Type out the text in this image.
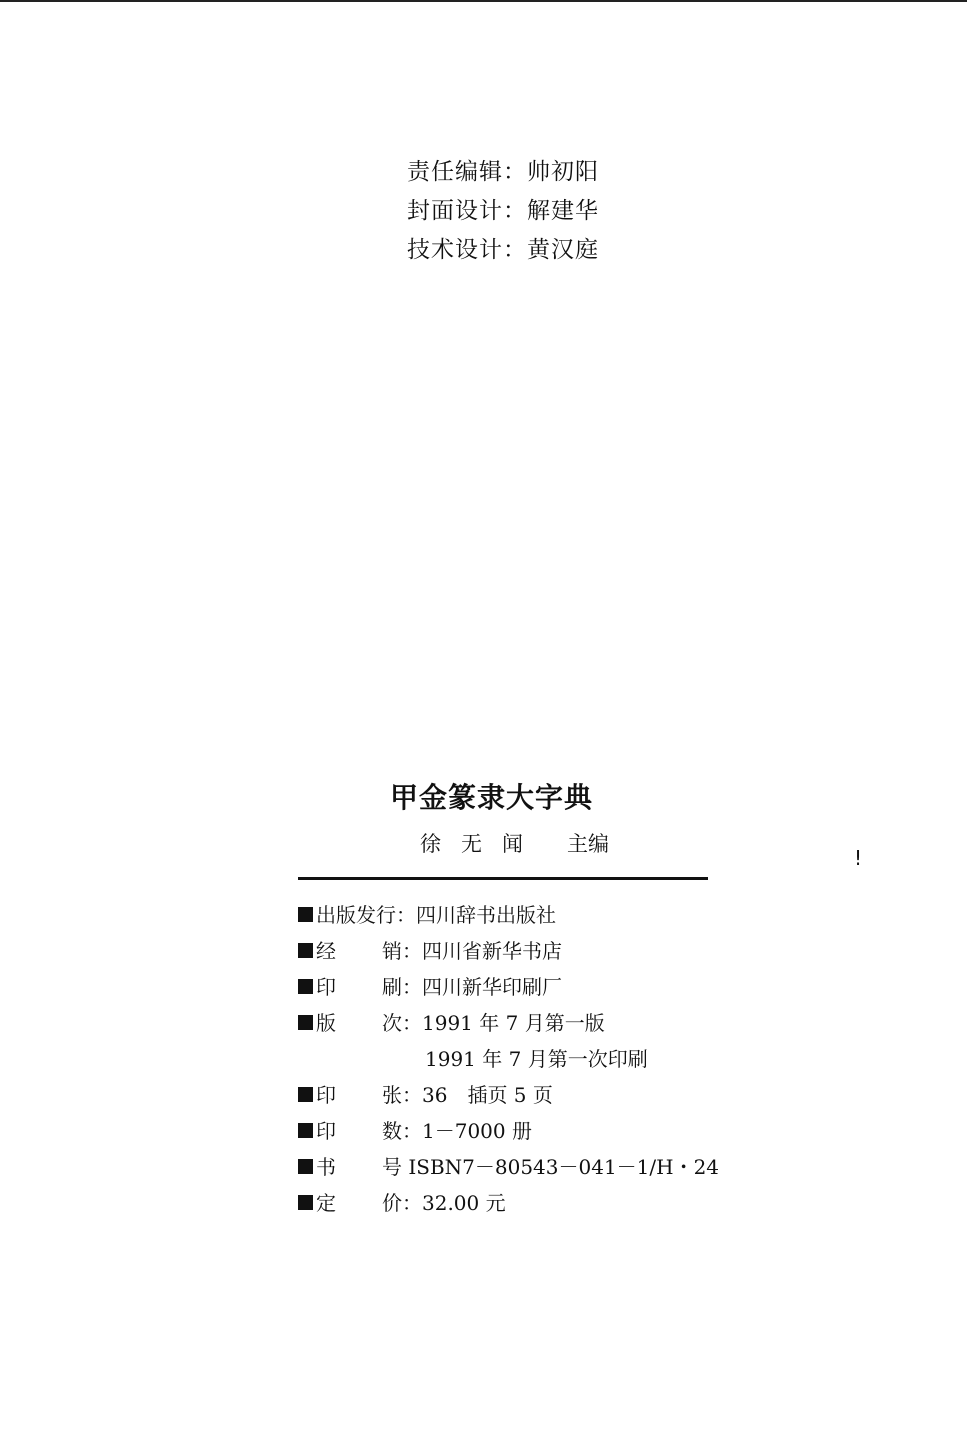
责任编辑：帅初阳
封面设计：解建华
技术设计：黄汉庭
甲金篆隶大字典
徐无闻 主编
!
出版发行：四川辞书出版社
经 销：四川省新华书店
印 刷：四川新华印刷厂
版 次：1991 年 7 月第一版
1991 年 7 月第一次印刷
印 张：36　插页 5 页
印 数：1－7000 册
书 号 ISBN7－80543－041－1/H・24
定 价：32.00 元
